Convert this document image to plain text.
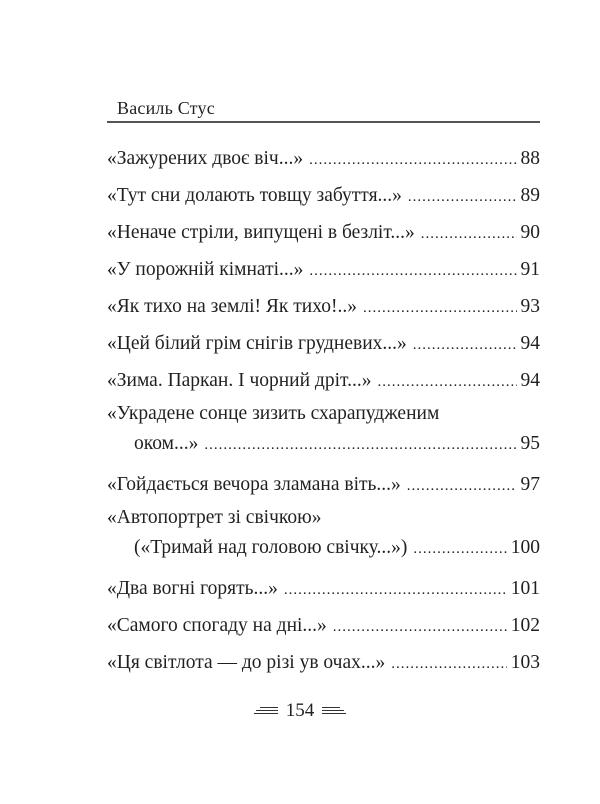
Василь Стус
«Зажурених двоє віч...» .....	88
«Тут сни долають товщу забуття...» .....	89
«Неначе стріли, випущені в безліт...» .....	90
«У порожній кімнаті...» .....	91
«Як тихо на землі! Як тихо!..» .....	93
«Цей білий грім снігів грудневих...» .....	94
«Зима. Паркан. І чорний дріт...» .....	94
«Украдене сонце зизить схарапудженим
оком...» .....	95
«Гойдається вечора зламана віть...» .....	97
«Автопортрет зі свічкою»
(«Тримай над головою свічку...») .....	100
«Два вогні горять...» .....	101
«Самого спогаду на дні...» .....	102
«Ця світлота — до різі ув очах...» .....	103
154
